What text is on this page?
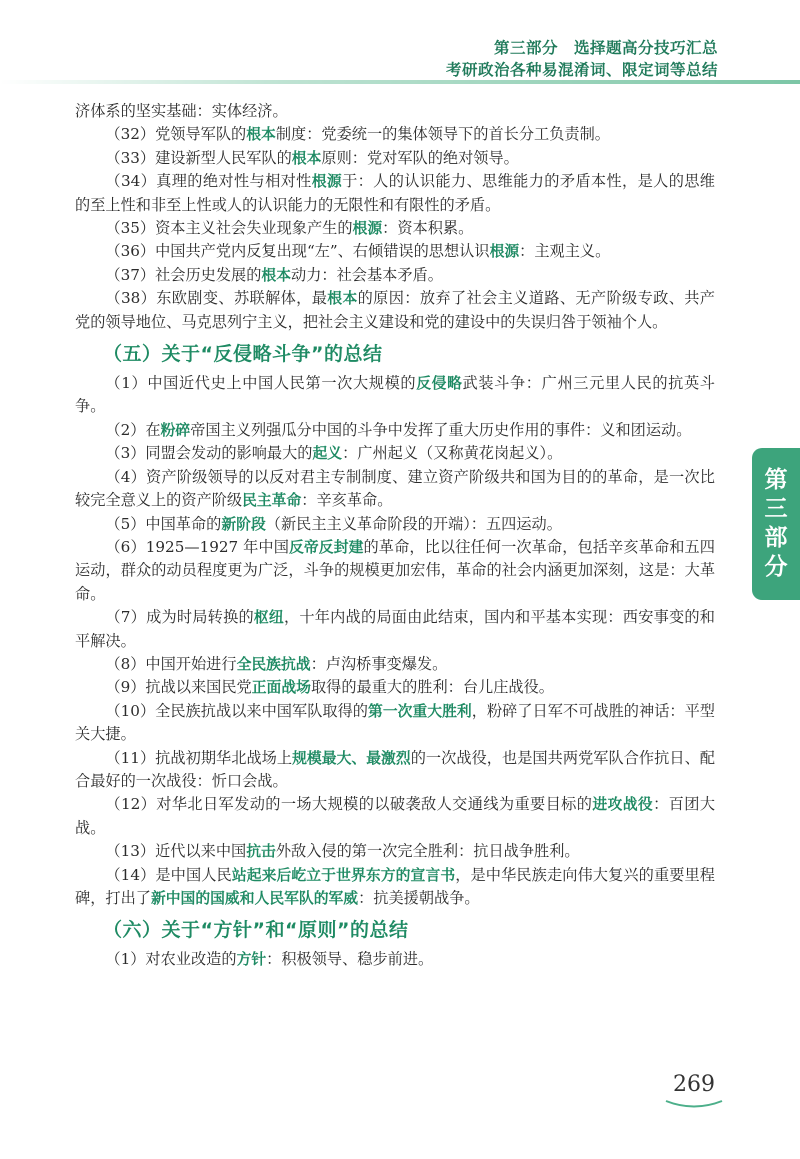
第三部分　选择题高分技巧汇总
考研政治各种易混淆词、限定词等总结
第
三
部
分

济体系的坚实基础：实体经济。

（32）党领导军队的根本制度：党委统一的集体领导下的首长分工负责制。

（33）建设新型人民军队的根本原则：党对军队的绝对领导。

（34）真理的绝对性与相对性根源于：人的认识能力、思维能力的矛盾本性，是人的思维的至上性和非至上性或人的认识能力的无限性和有限性的矛盾。

（35）资本主义社会失业现象产生的根源：资本积累。

（36）中国共产党内反复出现“左”、右倾错误的思想认识根源：主观主义。

（37）社会历史发展的根本动力：社会基本矛盾。

（38）东欧剧变、苏联解体，最根本的原因：放弃了社会主义道路、无产阶级专政、共产党的领导地位、马克思列宁主义，把社会主义建设和党的建设中的失误归咎于领袖个人。

（五）关于“反侵略斗争”的总结

（1）中国近代史上中国人民第一次大规模的反侵略武装斗争：广州三元里人民的抗英斗争。

（2）在粉碎帝国主义列强瓜分中国的斗争中发挥了重大历史作用的事件：义和团运动。

（3）同盟会发动的影响最大的起义：广州起义（又称黄花岗起义）。

（4）资产阶级领导的以反对君主专制制度、建立资产阶级共和国为目的的革命，是一次比较完全意义上的资产阶级民主革命：辛亥革命。

（5）中国革命的新阶段（新民主主义革命阶段的开端）：五四运动。

（6）1925—1927 年中国反帝反封建的革命，比以往任何一次革命，包括辛亥革命和五四运动，群众的动员程度更为广泛，斗争的规模更加宏伟，革命的社会内涵更加深刻，这是：大革命。

（7）成为时局转换的枢纽，十年内战的局面由此结束，国内和平基本实现：西安事变的和平解决。

（8）中国开始进行全民族抗战：卢沟桥事变爆发。

（9）抗战以来国民党正面战场取得的最重大的胜利：台儿庄战役。

（10）全民族抗战以来中国军队取得的第一次重大胜利，粉碎了日军不可战胜的神话：平型关大捷。

（11）抗战初期华北战场上规模最大、最激烈的一次战役，也是国共两党军队合作抗日、配合最好的一次战役：忻口会战。

（12）对华北日军发动的一场大规模的以破袭敌人交通线为重要目标的进攻战役：百团大战。

（13）近代以来中国抗击外敌入侵的第一次完全胜利：抗日战争胜利。

（14）是中国人民站起来后屹立于世界东方的宣言书，是中华民族走向伟大复兴的重要里程碑，打出了新中国的国威和人民军队的军威：抗美援朝战争。

（六）关于“方针”和“原则”的总结

（1）对农业改造的方针：积极领导、稳步前进。

269
